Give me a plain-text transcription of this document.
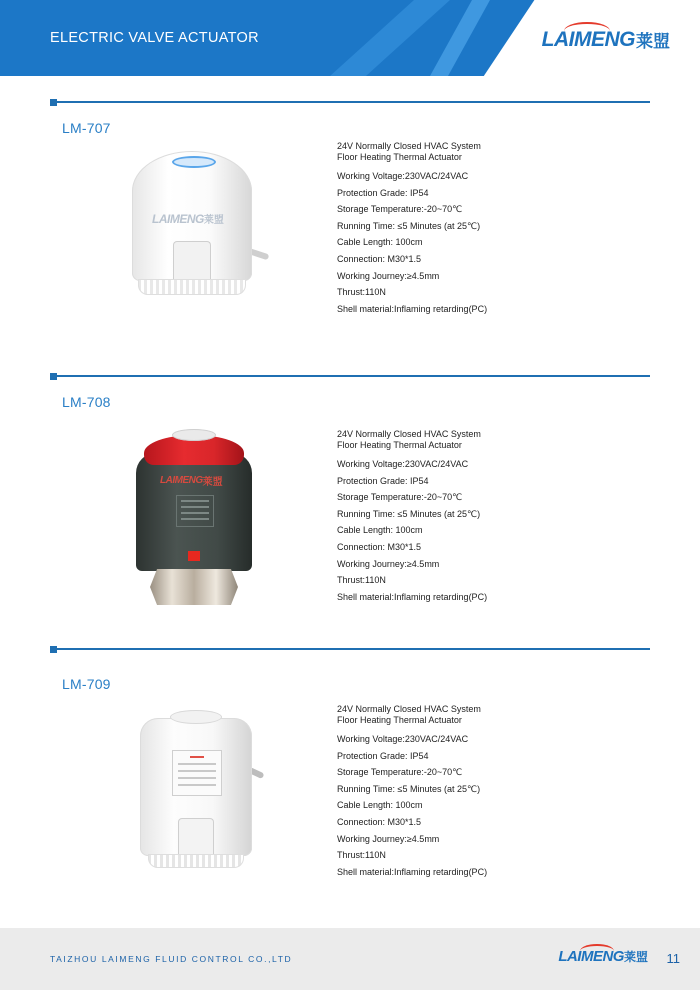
ELECTRIC VALVE ACTUATOR	LAIMENG 莱盟
LM-707
LAIMENG 莱盟
24V Normally Closed HVAC System
Floor Heating Thermal Actuator
Working Voltage:230VAC/24VAC
Protection Grade: IP54
Storage Temperature:-20~70℃
Running Time: ≤5 Minutes (at 25℃)
Cable Length: 100cm
Connection: M30*1.5
Working Journey:≥4.5mm
Thrust:110N
Shell material:Inflaming retarding(PC)
LM-708
LAIMENG 莱盟
24V Normally Closed HVAC System
Floor Heating Thermal Actuator
Working Voltage:230VAC/24VAC
Protection Grade: IP54
Storage Temperature:-20~70℃
Running Time: ≤5 Minutes (at 25℃)
Cable Length: 100cm
Connection: M30*1.5
Working Journey:≥4.5mm
Thrust:110N
Shell material:Inflaming retarding(PC)
LM-709
24V Normally Closed HVAC System
Floor Heating Thermal Actuator
Working Voltage:230VAC/24VAC
Protection Grade: IP54
Storage Temperature:-20~70℃
Running Time: ≤5 Minutes (at 25℃)
Cable Length: 100cm
Connection: M30*1.5
Working Journey:≥4.5mm
Thrust:110N
Shell material:Inflaming retarding(PC)
TAIZHOU LAIMENG FLUID CONTROL CO.,LTD	LAIMENG 莱盟 11
